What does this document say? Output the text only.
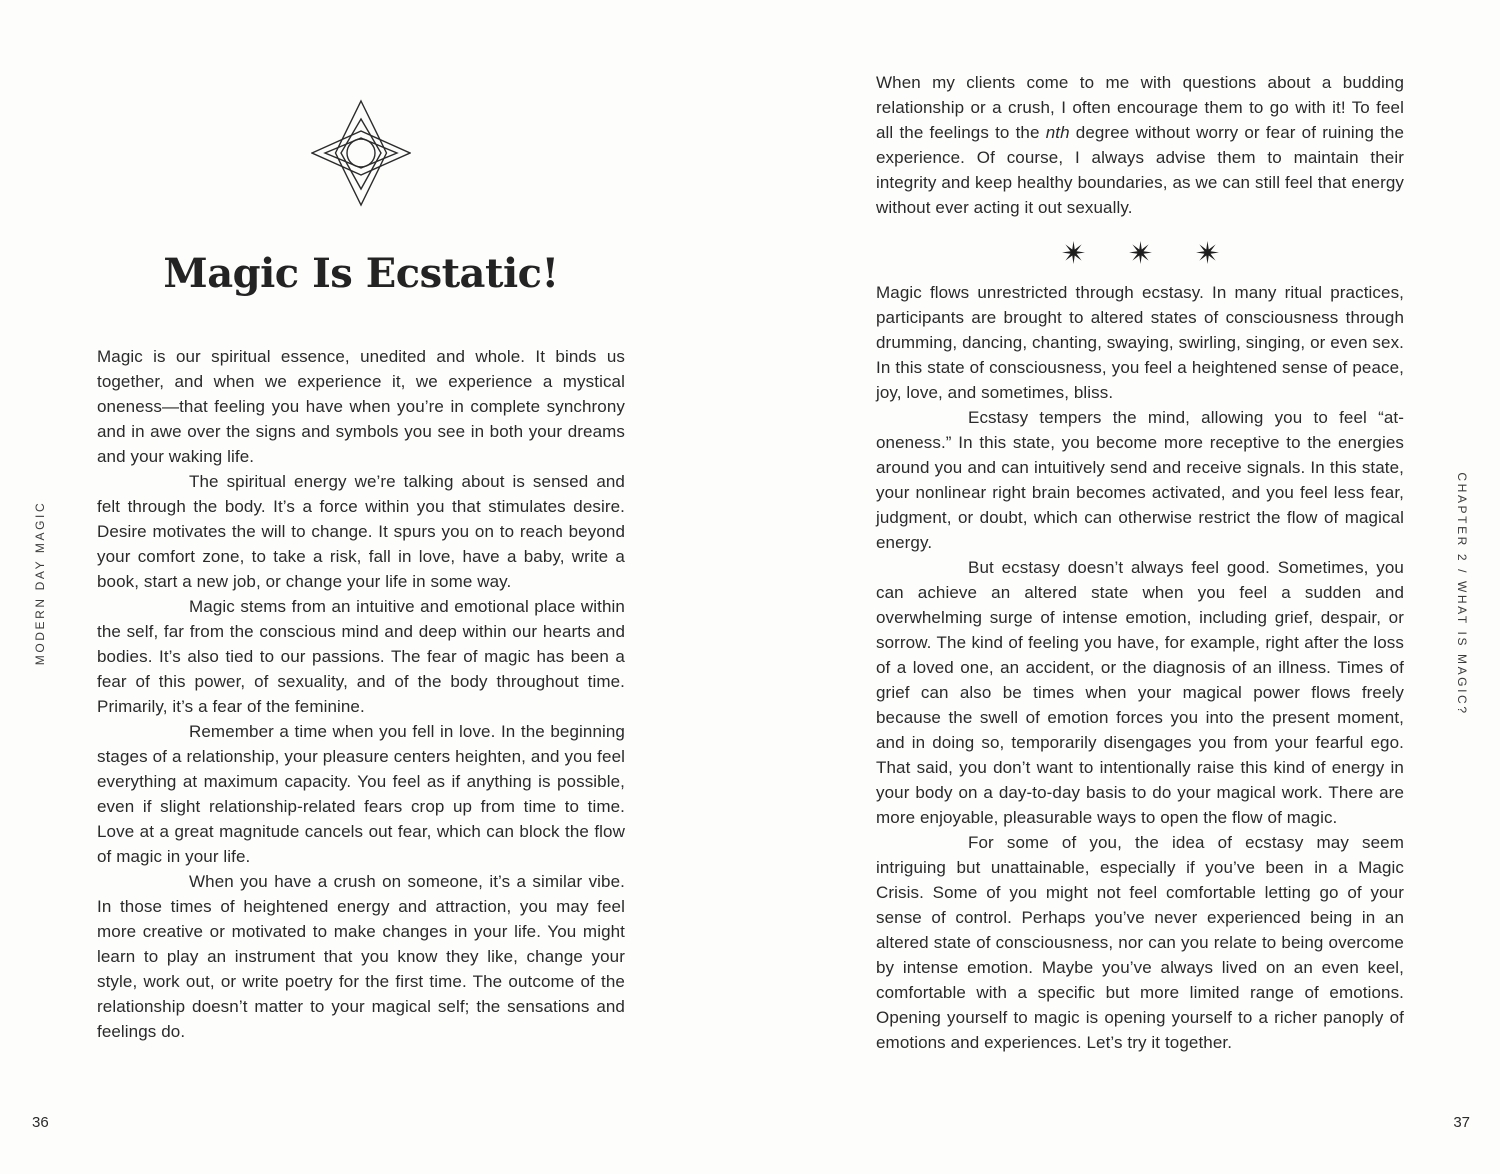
MODERN DAY MAGIC
Magic Is Ecstatic!

Magic is our spiritual essence, unedited and whole. It binds us together, and when we experience it, we experience a mystical oneness—that feeling you have when you’re in complete synchrony and in awe over the signs and symbols you see in both your dreams and your waking life.

The spiritual energy we’re talking about is sensed and felt through the body. It’s a force within you that stimulates desire. Desire motivates the will to change. It spurs you on to reach beyond your comfort zone, to take a risk, fall in love, have a baby, write a book, start a new job, or change your life in some way.

Magic stems from an intuitive and emotional place within the self, far from the conscious mind and deep within our hearts and bodies. It’s also tied to our passions. The fear of magic has been a fear of this power, of sexuality, and of the body throughout time. Primarily, it’s a fear of the feminine.

Remember a time when you fell in love. In the beginning stages of a relationship, your pleasure centers heighten, and you feel everything at maximum capacity. You feel as if anything is possible, even if slight relationship-related fears crop up from time to time. Love at a great magnitude cancels out fear, which can block the flow of magic in your life.

When you have a crush on someone, it’s a similar vibe. In those times of heightened energy and attraction, you may feel more creative or motivated to make changes in your life. You might learn to play an instrument that you know they like, change your style, work out, or write poetry for the first time. The outcome of the relationship doesn’t matter to your magical self; the sensations and feelings do.

When my clients come to me with questions about a budding relationship or a crush, I often encourage them to go with it! To feel all the feelings to the nth degree without worry or fear of ruining the experience. Of course, I always advise them to maintain their integrity and keep healthy boundaries, as we can still feel that energy without ever acting it out sexually.

Magic flows unrestricted through ecstasy. In many ritual practices, participants are brought to altered states of consciousness through drumming, dancing, chanting, swaying, swirling, singing, or even sex. In this state of consciousness, you feel a heightened sense of peace, joy, love, and sometimes, bliss.

Ecstasy tempers the mind, allowing you to feel “at-oneness.” In this state, you become more receptive to the energies around you and can intuitively send and receive signals. In this state, your nonlinear right brain becomes activated, and you feel less fear, judgment, or doubt, which can otherwise restrict the flow of magical energy.

But ecstasy doesn’t always feel good. Sometimes, you can achieve an altered state when you feel a sudden and overwhelming surge of intense emotion, including grief, despair, or sorrow. The kind of feeling you have, for example, right after the loss of a loved one, an accident, or the diagnosis of an illness. Times of grief can also be times when your magical power flows freely because the swell of emotion forces you into the present moment, and in doing so, temporarily disengages you from your fearful ego. That said, you don’t want to intentionally raise this kind of energy in your body on a day-to-day basis to do your magical work. There are more enjoyable, pleasurable ways to open the flow of magic.

For some of you, the idea of ecstasy may seem intriguing but unattainable, especially if you’ve been in a Magic Crisis. Some of you might not feel comfortable letting go of your sense of control. Perhaps you’ve never experienced being in an altered state of consciousness, nor can you relate to being overcome by intense emotion. Maybe you’ve always lived on an even keel, comfortable with a specific but more limited range of emotions. Opening yourself to magic is opening yourself to a richer panoply of emotions and experiences. Let’s try it together.

CHAPTER 2 / WHAT IS MAGIC?
36	37
